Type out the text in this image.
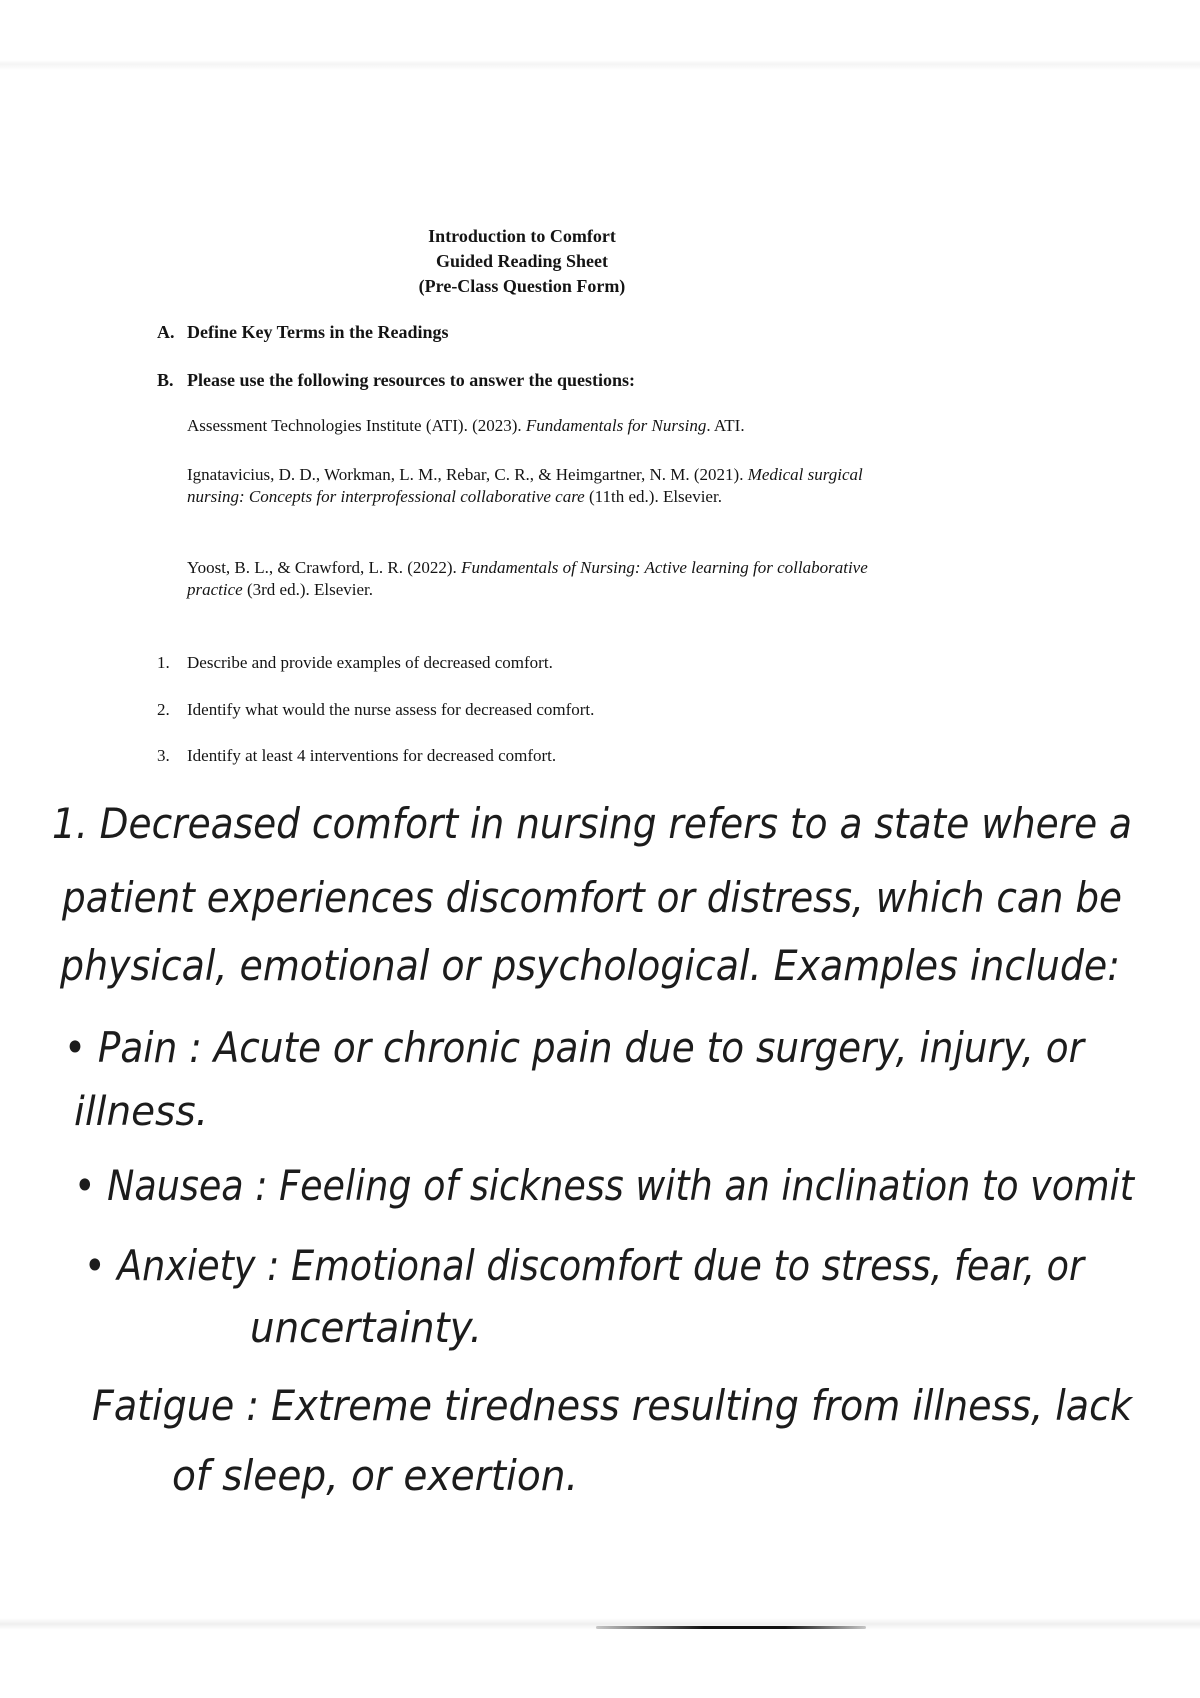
Introduction to Comfort
Guided Reading Sheet
(Pre-Class Question Form)
A. Define Key Terms in the Readings
B. Please use the following resources to answer the questions:
Assessment Technologies Institute (ATI). (2023). Fundamentals for Nursing. ATI.
Ignatavicius, D. D., Workman, L. M., Rebar, C. R., & Heimgartner, N. M. (2021). Medical surgical nursing: Concepts for interprofessional collaborative care (11th ed.). Elsevier.
Yoost, B. L., & Crawford, L. R. (2022). Fundamentals of Nursing: Active learning for collaborative practice (3rd ed.). Elsevier.
1. Describe and provide examples of decreased comfort.
2. Identify what would the nurse assess for decreased comfort.
3. Identify at least 4 interventions for decreased comfort.
1. Decreased comfort in nursing refers to a state where a
patient experiences discomfort or distress, which can be
physical, emotional or psychological. Examples include:
• Pain : Acute or chronic pain due to surgery, injury, or
illness.
• Nausea : Feeling of sickness with an inclination to vomit
• Anxiety : Emotional discomfort due to stress, fear, or
uncertainty.
Fatigue : Extreme tiredness resulting from illness, lack
of sleep, or exertion.
